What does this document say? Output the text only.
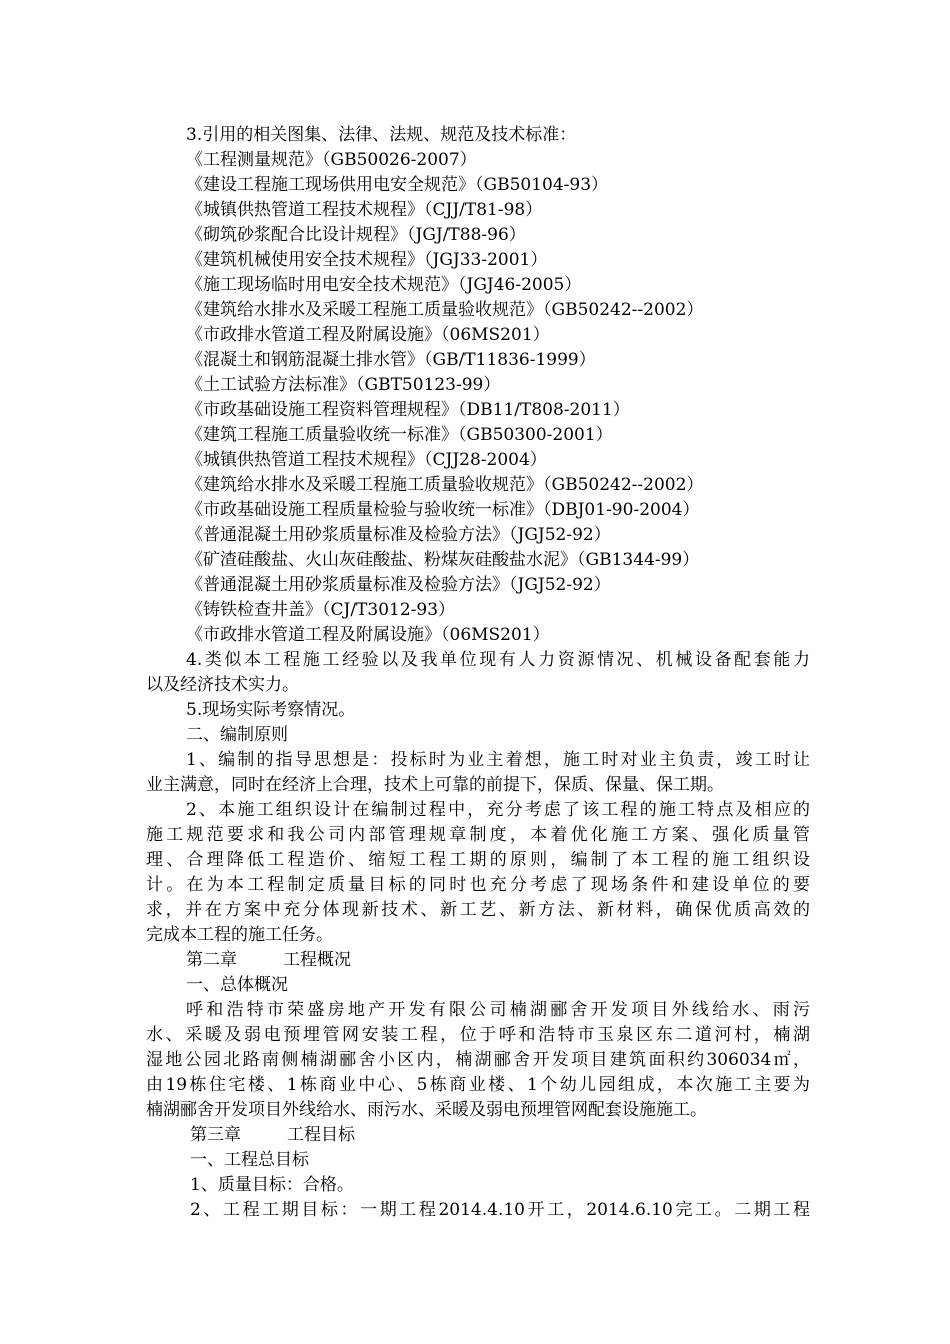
3.引用的相关图集、法律、法规、规范及技术标准：
《工程测量规范》（GB50026-2007）
《建设工程施工现场供用电安全规范》（GB50104-93）
《城镇供热管道工程技术规程》（CJJ/T81-98）
《砌筑砂浆配合比设计规程》（JGJ/T88-96）
《建筑机械使用安全技术规程》（JGJ33-2001）
《施工现场临时用电安全技术规范》（JGJ46-2005）
《建筑给水排水及采暖工程施工质量验收规范》（GB50242--2002）
《市政排水管道工程及附属设施》（06MS201）
《混凝土和钢筋混凝土排水管》（GB/T11836-1999）
《土工试验方法标准》（GBT50123-99）
《市政基础设施工程资料管理规程》（DB11/T808-2011）
《建筑工程施工质量验收统一标准》（GB50300-2001）
《城镇供热管道工程技术规程》（CJJ28-2004）
《建筑给水排水及采暖工程施工质量验收规范》（GB50242--2002）
《市政基础设施工程质量检验与验收统一标准》（DBJ01-90-2004）
《普通混凝土用砂浆质量标准及检验方法》（JGJ52-92）
《矿渣硅酸盐、火山灰硅酸盐、粉煤灰硅酸盐水泥》（GB1344-99）
《普通混凝土用砂浆质量标准及检验方法》（JGJ52-92）
《铸铁检查井盖》（CJ/T3012-93）
《市政排水管道工程及附属设施》（06MS201）
4.类似本工程施工经验以及我单位现有人力资源情况、机械设备配套能力
以及经济技术实力。
5.现场实际考察情况。
二、编制原则
1、编制的指导思想是：投标时为业主着想，施工时对业主负责，竣工时让
业主满意，同时在经济上合理，技术上可靠的前提下，保质、保量、保工期。
2、本施工组织设计在编制过程中，充分考虑了该工程的施工特点及相应的
施工规范要求和我公司内部管理规章制度，本着优化施工方案、强化质量管
理、合理降低工程造价、缩短工程工期的原则，编制了本工程的施工组织设
计。在为本工程制定质量目标的同时也充分考虑了现场条件和建设单位的要
求，并在方案中充分体现新技术、新工艺、新方法、新材料，确保优质高效的
完成本工程的施工任务。
第二章	工程概况
一、总体概况
呼和浩特市荣盛房地产开发有限公司楠湖郦舍开发项目外线给水、雨污
水、采暖及弱电预埋管网安装工程，位于呼和浩特市玉泉区东二道河村，楠湖
湿地公园北路南侧楠湖郦舍小区内，楠湖郦舍开发项目建筑面积约306034㎡，
由19栋住宅楼、1栋商业中心、5栋商业楼、1个幼儿园组成，本次施工主要为
楠湖郦舍开发项目外线给水、雨污水、采暖及弱电预埋管网配套设施施工。
第三章	工程目标
一、工程总目标
1、质量目标：合格。
2、工程工期目标：一期工程2014.4.10开工，2014.6.10完工。二期工程
